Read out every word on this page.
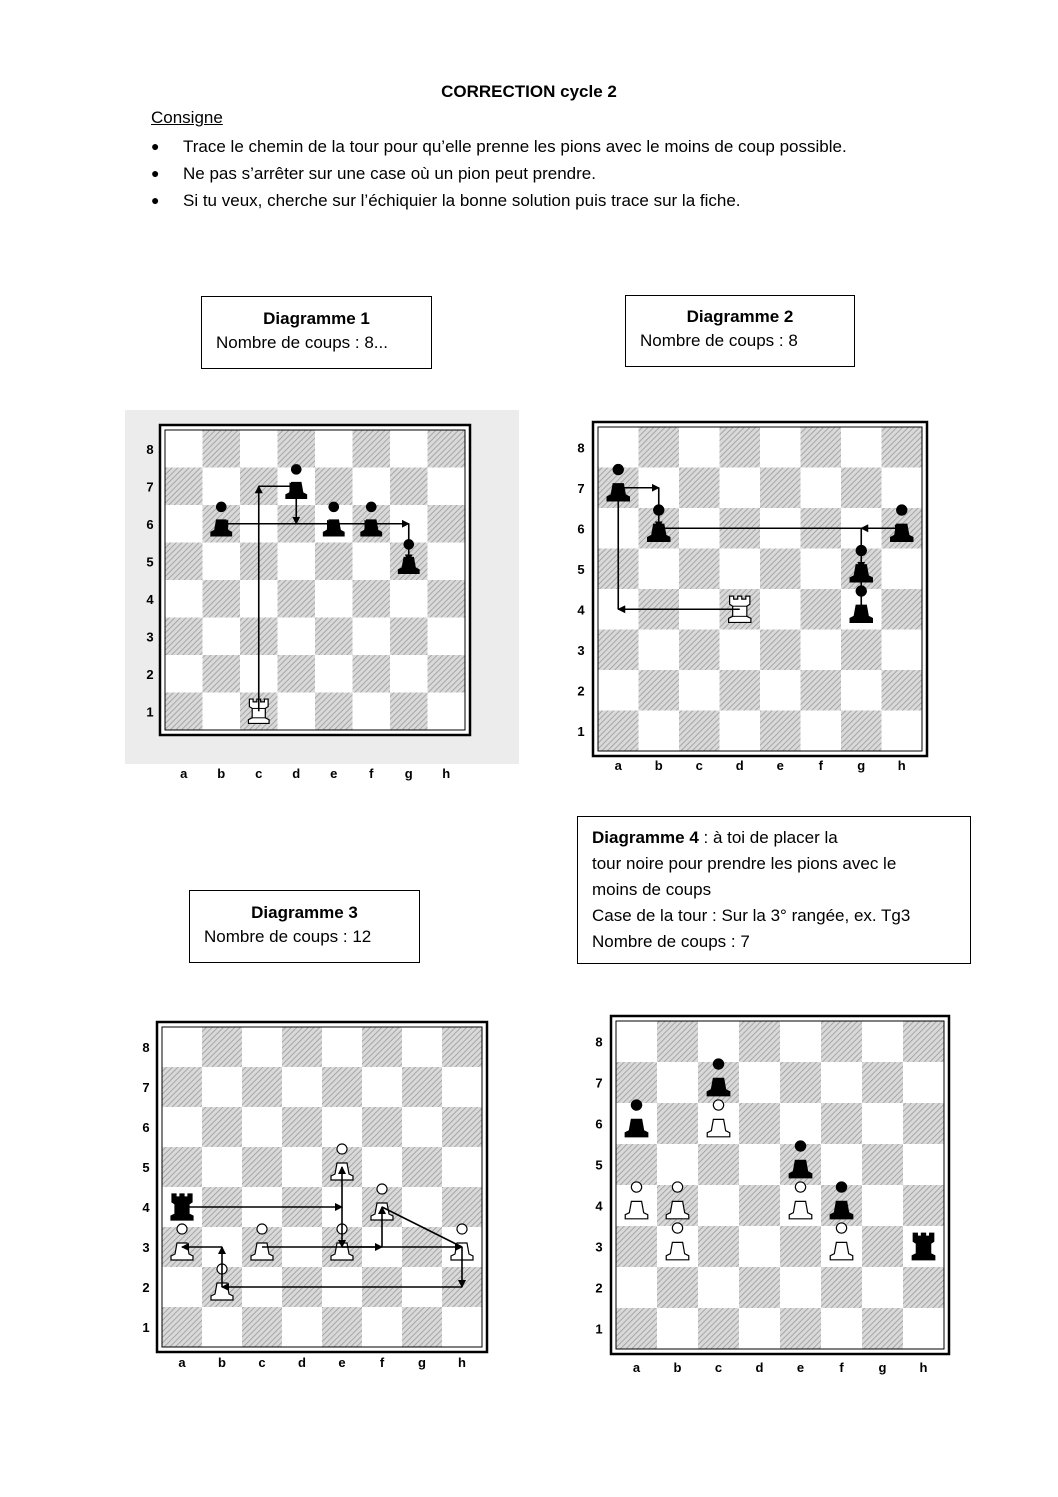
CORRECTION cycle 2
Consigne
● Trace le chemin de la tour pour qu’elle prenne les pions avec le moins de coup possible.
● Ne pas s’arrêter sur une case où un pion peut prendre.
● Si tu veux, cherche sur l’échiquier la bonne solution puis trace sur la fiche.
Diagramme 1
Nombre de coups : 8...
Diagramme 2
Nombre de coups : 8
Diagramme 3
Nombre de coups : 12
Diagramme 4 : à toi de placer la
tour noire pour prendre les pions avec le
moins de coups
Case de la tour : Sur la 3° rangée, ex. Tg3
Nombre de coups : 7
a b c d e f g h
8
7
6
5
4
3
2
1
a	b	c	d	e	f	g	h
8
7
6
5
4
3
2
1
a b c d e	f	g h
8
7
6
5
4
3
2
1
a	b	c	d	e	f	g	h
8
7
6
5
4
3
2
1
